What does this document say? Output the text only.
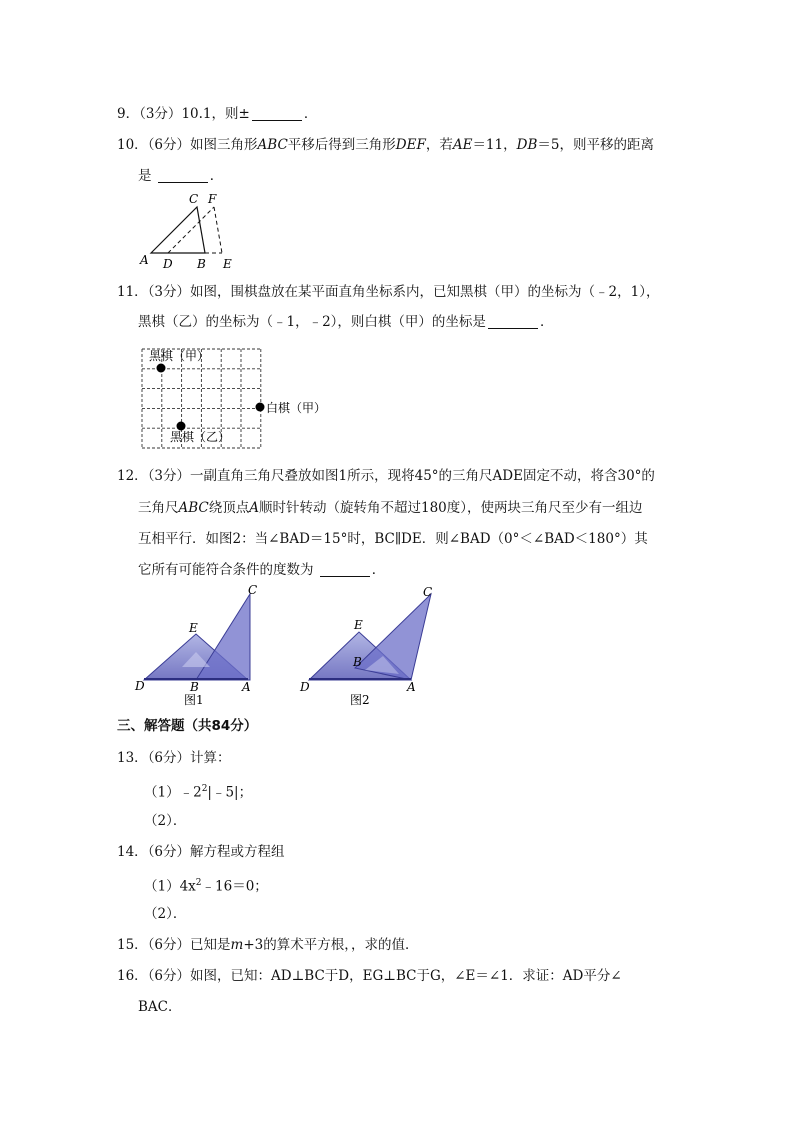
9．（3分）10.1，则±	．
10．（6分）如图三角形ABC平移后得到三角形DEF，若AE＝11，DB＝5，则平移的距离
是	．
A D B
C F
E
11．（3分）如图，围棋盘放在某平面直角坐标系内，已知黑棋（甲）的坐标为（﹣2，1），
黑棋（乙）的坐标为（﹣1，﹣2），则白棋（甲）的坐标是	．
黑棋（甲）
白棋（甲）
黑棋（乙）
12．（3分）一副直角三角尺叠放如图1所示，现将45°的三角尺ADE固定不动，将含30°的
三角尺ABC绕顶点A顺时针转动（旋转角不超过180度），使两块三角尺至少有一组边
互相平行．如图2：当∠BAD＝15°时，BC∥DE．则∠BAD（0°＜∠BAD＜180°）其
它所有可能符合条件的度数为	．
D	B	A
E
C
图1
D
B
A
E
C
图2
三、解答题（共84分）
13．（6分）计算：
$(1)﹣2^2|﹣5|$；
（2）．
14．（6分）解方程或方程组
$(1)4x^2﹣16=0$；
（2）．
15．（6分）已知是m+3的算术平方根，，求的值．
16．（6分）如图，已知：AD⊥BC于D，EG⊥BC于G，∠E＝∠1．求证：AD平分∠
BAC．
